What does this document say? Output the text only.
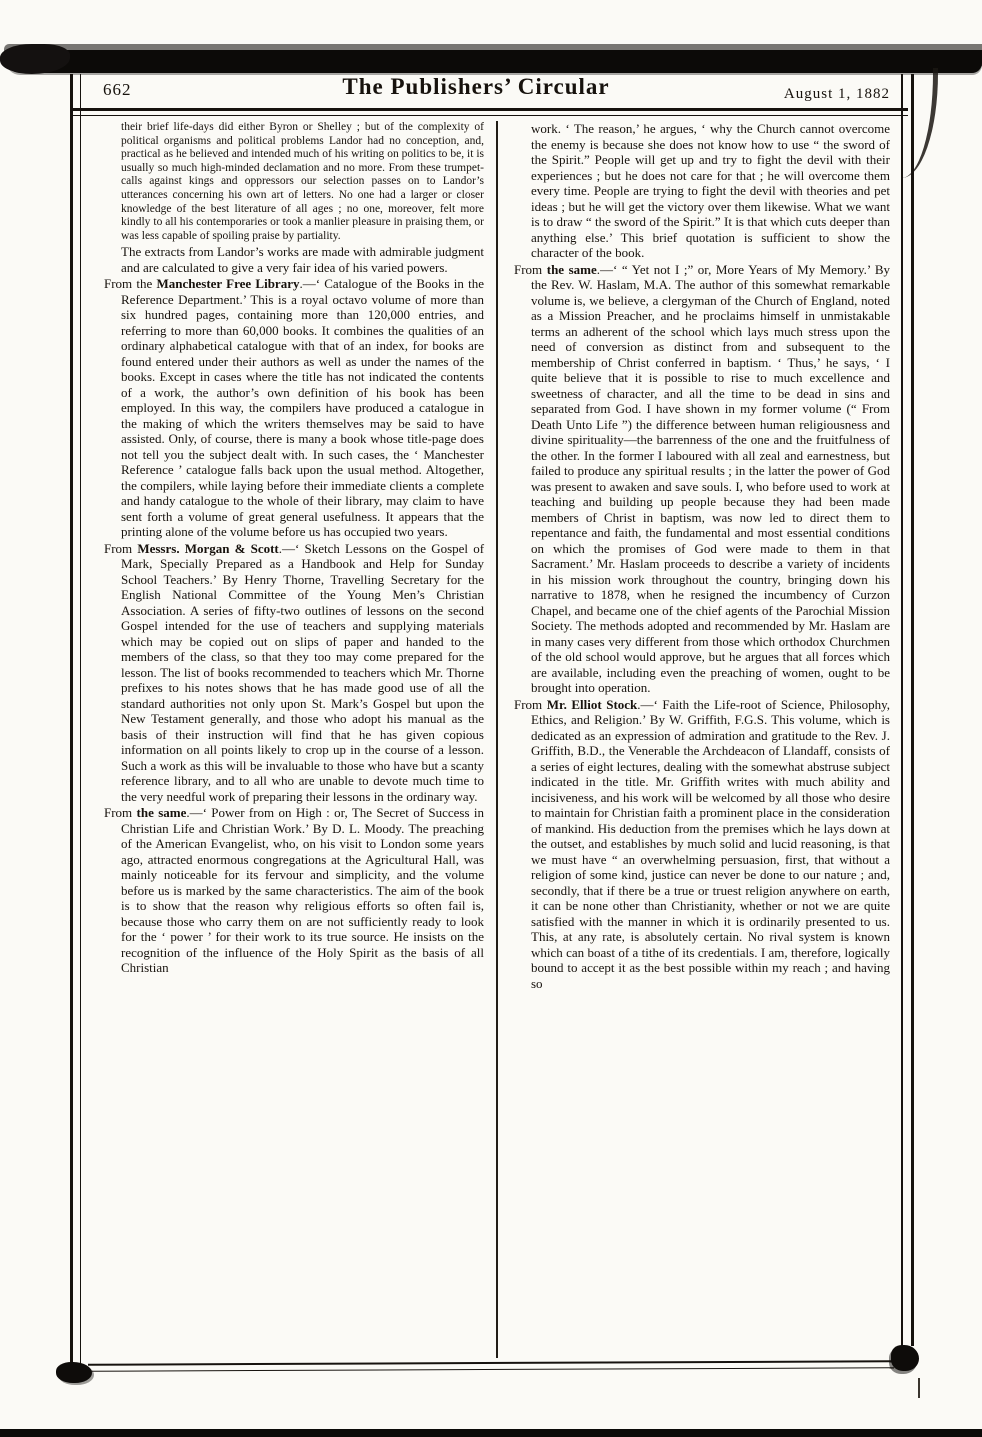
662	The Publishers’ Circular	August 1, 1882

their brief life-days did either Byron or Shelley ; but of the complexity of political organisms and political problems Landor had no conception, and, practical as he believed and intended much of his writing on politics to be, it is usually so much high-minded declamation and no more. From these trumpet-calls against kings and oppressors our selection passes on to Landor’s utterances concerning his own art of letters. No one had a larger or closer knowledge of the best literature of all ages ; no one, moreover, felt more kindly to all his contemporaries or took a manlier pleasure in praising them, or was less capable of spoiling praise by partiality.

The extracts from Landor’s works are made with admirable judgment and are calculated to give a very fair idea of his varied powers.

From the Manchester Free Library.—‘ Catalogue of the Books in the Reference Department.’ This is a royal octavo volume of more than six hundred pages, containing more than 120,000 entries, and referring to more than 60,000 books. It combines the qualities of an ordinary alphabetical catalogue with that of an index, for books are found entered under their authors as well as under the names of the books. Except in cases where the title has not indicated the contents of a work, the author’s own definition of his book has been employed. In this way, the compilers have produced a catalogue in the making of which the writers themselves may be said to have assisted. Only, of course, there is many a book whose title-page does not tell you the subject dealt with. In such cases, the ‘ Manchester Reference ’ catalogue falls back upon the usual method. Altogether, the compilers, while laying before their immediate clients a complete and handy catalogue to the whole of their library, may claim to have sent forth a volume of great general usefulness. It appears that the printing alone of the volume before us has occupied two years.

From Messrs. Morgan & Scott.—‘ Sketch Lessons on the Gospel of Mark, Specially Prepared as a Handbook and Help for Sunday School Teachers.’ By Henry Thorne, Travelling Secretary for the English National Committee of the Young Men’s Christian Association. A series of fifty-two outlines of lessons on the second Gospel intended for the use of teachers and supplying materials which may be copied out on slips of paper and handed to the members of the class, so that they too may come prepared for the lesson. The list of books recommended to teachers which Mr. Thorne prefixes to his notes shows that he has made good use of all the standard authorities not only upon St. Mark’s Gospel but upon the New Testament generally, and those who adopt his manual as the basis of their instruction will find that he has given copious information on all points likely to crop up in the course of a lesson. Such a work as this will be invaluable to those who have but a scanty reference library, and to all who are unable to devote much time to the very needful work of preparing their lessons in the ordinary way.

From the same.—‘ Power from on High : or, The Secret of Success in Christian Life and Christian Work.’ By D. L. Moody. The preaching of the American Evangelist, who, on his visit to London some years ago, attracted enormous congregations at the Agricultural Hall, was mainly noticeable for its fervour and simplicity, and the volume before us is marked by the same characteristics. The aim of the book is to show that the reason why religious efforts so often fail is, because those who carry them on are not sufficiently ready to look for the ‘ power ’ for their work to its true source. He insists on the recognition of the influence of the Holy Spirit as the basis of all Christian

work. ‘ The reason,’ he argues, ‘ why the Church cannot overcome the enemy is because she does not know how to use “ the sword of the Spirit.” People will get up and try to fight the devil with their experiences ; but he does not care for that ; he will overcome them every time. People are trying to fight the devil with theories and pet ideas ; but he will get the victory over them likewise. What we want is to draw “ the sword of the Spirit.” It is that which cuts deeper than anything else.’ This brief quotation is sufficient to show the character of the book.

From the same.—‘ “ Yet not I ;” or, More Years of My Memory.’ By the Rev. W. Haslam, M.A. The author of this somewhat remarkable volume is, we believe, a clergyman of the Church of England, noted as a Mission Preacher, and he proclaims himself in unmistakable terms an adherent of the school which lays much stress upon the need of conversion as distinct from and subsequent to the membership of Christ conferred in baptism. ‘ Thus,’ he says, ‘ I quite believe that it is possible to rise to much excellence and sweetness of character, and all the time to be dead in sins and separated from God. I have shown in my former volume (“ From Death Unto Life ”) the difference between human religiousness and divine spirituality—the barrenness of the one and the fruitfulness of the other. In the former I laboured with all zeal and earnestness, but failed to produce any spiritual results ; in the latter the power of God was present to awaken and save souls. I, who before used to work at teaching and building up people because they had been made members of Christ in baptism, was now led to direct them to repentance and faith, the fundamental and most essential conditions on which the promises of God were made to them in that Sacrament.’ Mr. Haslam proceeds to describe a variety of incidents in his mission work throughout the country, bringing down his narrative to 1878, when he resigned the incumbency of Curzon Chapel, and became one of the chief agents of the Parochial Mission Society. The methods adopted and recommended by Mr. Haslam are in many cases very different from those which orthodox Churchmen of the old school would approve, but he argues that all forces which are available, including even the preaching of women, ought to be brought into operation.

From Mr. Elliot Stock.—‘ Faith the Life-root of Science, Philosophy, Ethics, and Religion.’ By W. Griffith, F.G.S. This volume, which is dedicated as an expression of admiration and gratitude to the Rev. J. Griffith, B.D., the Venerable the Archdeacon of Llandaff, consists of a series of eight lectures, dealing with the somewhat abstruse subject indicated in the title. Mr. Griffith writes with much ability and incisiveness, and his work will be welcomed by all those who desire to maintain for Christian faith a prominent place in the consideration of mankind. His deduction from the premises which he lays down at the outset, and establishes by much solid and lucid reasoning, is that we must have “ an overwhelming persuasion, first, that without a religion of some kind, justice can never be done to our nature ; and, secondly, that if there be a true or truest religion anywhere on earth, it can be none other than Christianity, whether or not we are quite satisfied with the manner in which it is ordinarily presented to us. This, at any rate, is absolutely certain. No rival system is known which can boast of a tithe of its credentials. I am, therefore, logically bound to accept it as the best possible within my reach ; and having so
